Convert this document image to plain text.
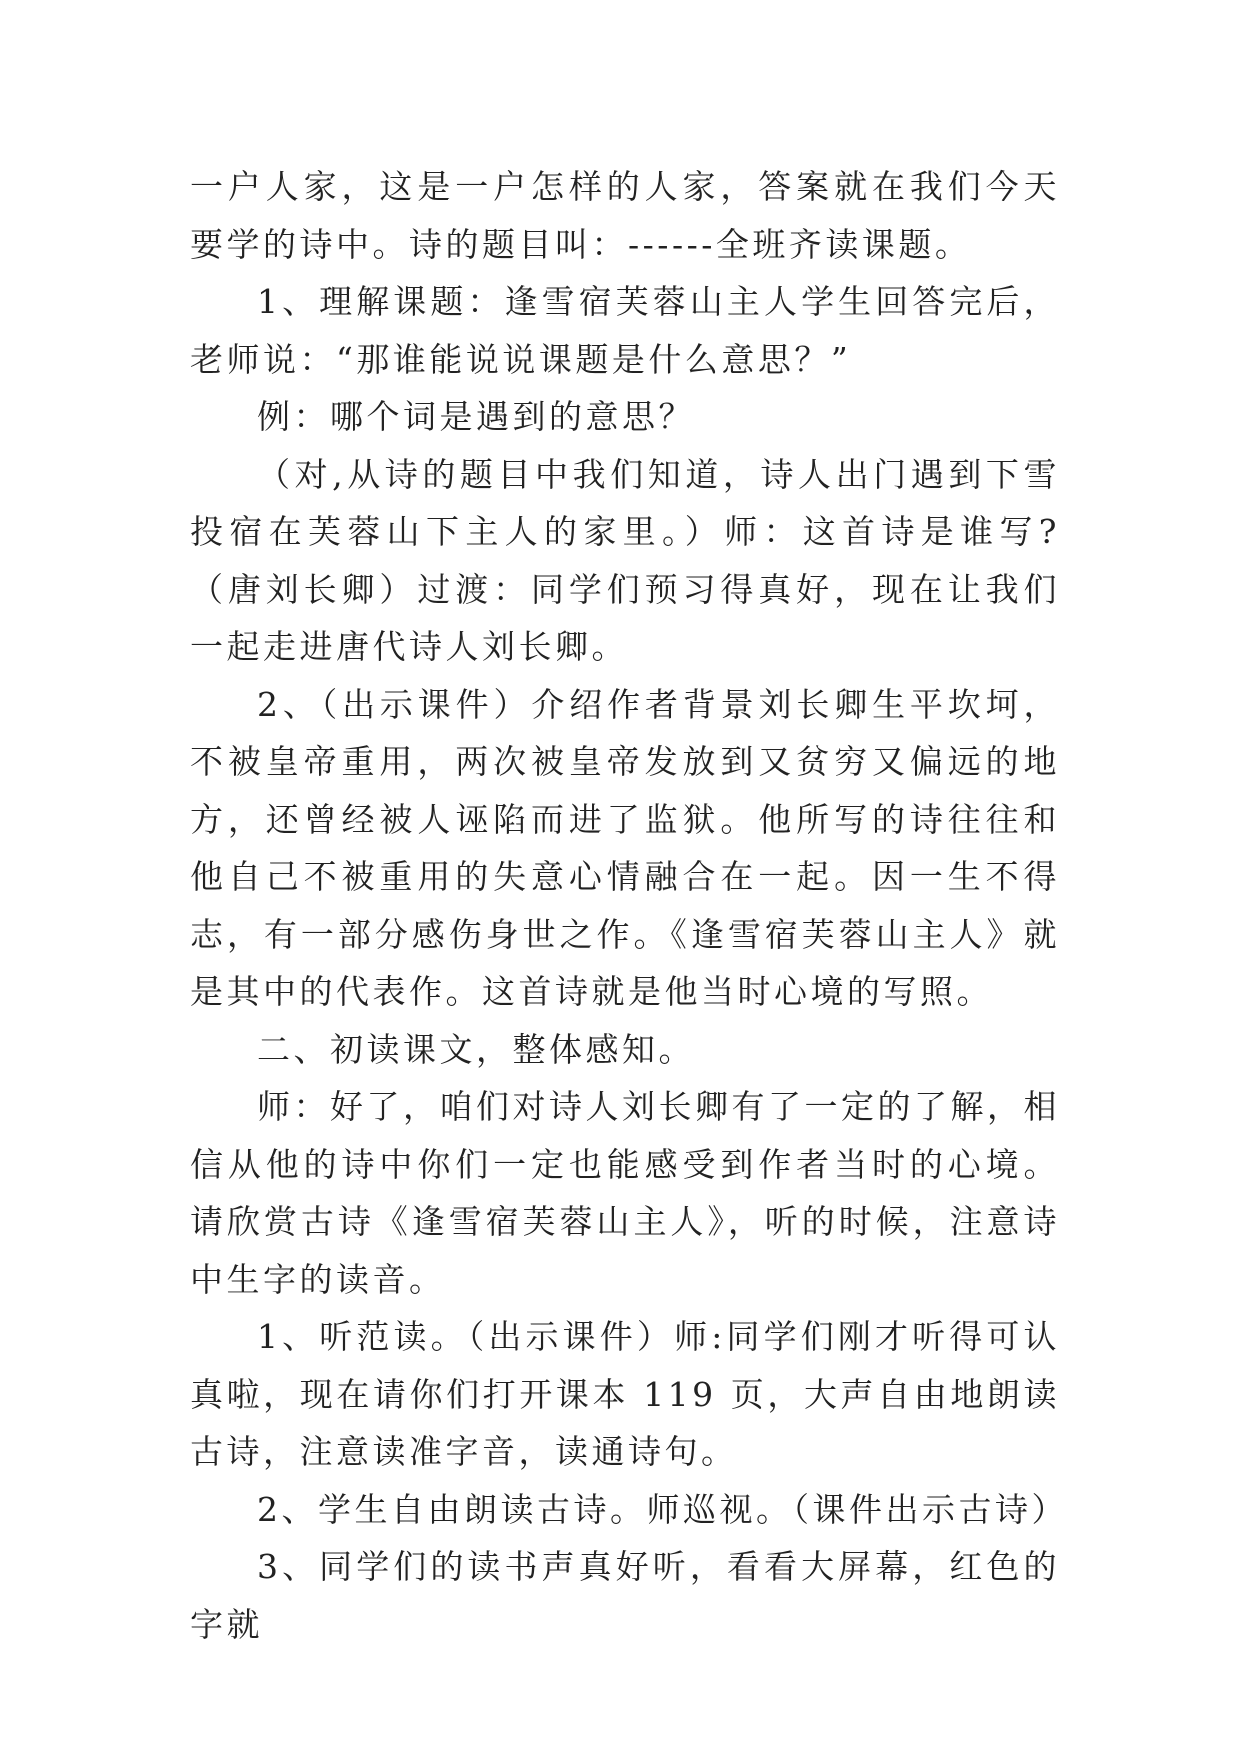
一户人家，这是一户怎样的人家，答案就在我们今天要学的诗中。诗的题目叫：------全班齐读课题。

1、理解课题：逢雪宿芙蓉山主人学生回答完后，老师说：“那谁能说说课题是什么意思？”

例：哪个词是遇到的意思？

（对,从诗的题目中我们知道，诗人出门遇到下雪投宿在芙蓉山下主人的家里。）师：这首诗是谁写?（唐刘长卿）过渡：同学们预习得真好，现在让我们一起走进唐代诗人刘长卿。

2、（出示课件）介绍作者背景刘长卿生平坎坷，不被皇帝重用，两次被皇帝发放到又贫穷又偏远的地方，还曾经被人诬陷而进了监狱。他所写的诗往往和他自己不被重用的失意心情融合在一起。因一生不得志，有一部分感伤身世之作。《逢雪宿芙蓉山主人》就是其中的代表作。这首诗就是他当时心境的写照。

二、初读课文，整体感知。

师：好了，咱们对诗人刘长卿有了一定的了解，相信从他的诗中你们一定也能感受到作者当时的心境。请欣赏古诗《逢雪宿芙蓉山主人》，听的时候，注意诗中生字的读音。

1、听范读。（出示课件）师:同学们刚才听得可认真啦，现在请你们打开课本 119 页，大声自由地朗读古诗，注意读准字音，读通诗句。

2、学生自由朗读古诗。师巡视。（课件出示古诗）

3、同学们的读书声真好听，看看大屏幕，红色的字就
